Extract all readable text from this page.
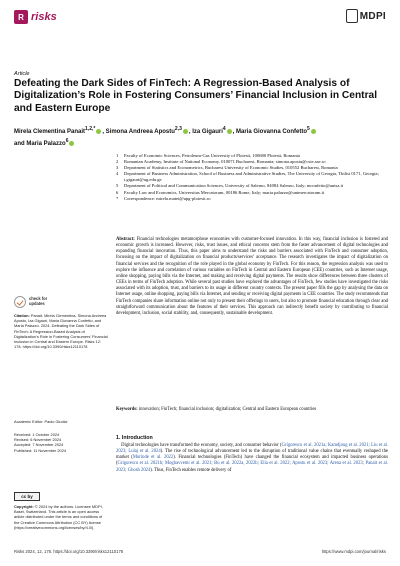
R risks	MDPI
Article
Defeating the Dark Sides of FinTech: A Regression-Based Analysis of Digitalization’s Role in Fostering Consumers’ Financial Inclusion in Central and Eastern Europe
Mirela Clementina Panait$^{1,2,*}$ , Simona Andreea Apostu$^{2,3}$ , Iza Gigauri$^4$ , Maria Giovanna Confetto$^5$
and Maria Palazzo$^6$
1	Faculty of Economic Sciences, Petroleum-Gas University of Ploiesti, 100680 Ploiesti, Romania
2	Romanian Academy, Institute of National Economy, 010071 Bucharest, Romania; simona.apostu@csie.ase.ro
3	Department of Statistics and Econometrics, Bucharest University of Economic Studies, 010552 Bucharest, Romania
4	Department of Business Administration, School of Business and Administrative Studies, The University of Georgia, Tbilisi 0171, Georgia; i.gigauri@ug.edu.ge
5	Department of Political and Communication Sciences, University of Salerno, 84084 Salerno, Italy; mconfetto@unisa.it
6	Faculty Law and Economics, Universitas Mercatorum, 00186 Rome, Italy; maria.palazzo@unimercatorum.it
*	Correspondence: mirela.matei@upg-ploiesti.ro
Abstract: Financial technologies metamorphose economies with customer-focused innovation. In this way, financial inclusion is fostered and economic growth is increased. However, risks, trust issues, and ethical concerns stem from the faster advancement of digital technologies and expanding financial innovation. Thus, this paper aims to understand the risks and barriers associated with FinTech and consumer adoption, focussing on the impact of digitalization on financial products/services’ acceptance. The research investigates the impact of digitalization on financial services and the recognition of the role played in the global economy by FinTech. For this reason, the regression analysis was used to explore the influence and correlation of various variables on FinTech in Central and Eastern European (CEE) countries, such as Internet usage, online shopping, paying bills via the Internet, and making and receiving digital payments. The results show differences between three clusters of CEEs in terms of FinTech adoption. While several past studies have explored the advantages of FinTech, few studies have investigated the risks associated with its adoption, trust, and barriers to its usage in different country contexts. The present paper fills the gap by analysing the data on Internet usage, online shopping, paying bills via Internet, and sending or receiving digital payments in CEE countries. The study recommends that FinTech companies share information online not only to present their offerings to users, but also to promote financial education through clear and straightforward communication about the features of their services. This approach can indirectly benefit society by contributing to financial development, inclusion, social stability, and, consequently, sustainable development.
Keywords: innovation; FinTech; financial inclusion; digitalization; Central and Eastern European countries
1. Introduction
Digital technologies have transformed the economy, society, and consumer behavior (Grigorescu et al. 2021a; Kamdjoug et al. 2021; Liu et al. 2023; Lulaj et al. 2024). The rise of technological advancement led to the disruption of traditional value chains that eventually reshaped the market (Murinde et al. 2022). Financial technologies (FinTech) have changed the financial ecosystem and impacted business operations (Grigorescu et al. 2021b; Moghavvemi et al. 2021; Bu et al. 2022a, 2022b; Elia et al. 2022; Apostu et al. 2023; Arena et al. 2023; Panait et al. 2023; Ghosh 2024). Thus, FinTech enables remote delivery of
check for
updates
Citation: Panait, Mirela Clementina, Simona Andreea Apostu, Iza Gigauri, Maria Giovanna Confetto, and Maria Palazzo. 2024. Defeating the Dark Sides of FinTech: A Regression-Based Analysis of Digitalization’s Role in Fostering Consumers’ Financial Inclusion in Central and Eastern Europe. Risks 12: 178. https://doi.org/10.3390/risks12110178
Academic Editor: Paolo Giudici
Received: 1 October 2024
Revised: 6 November 2024
Accepted: 7 November 2024
Published: 11 November 2024
cc by
Copyright: © 2024 by the authors. Licensee MDPI, Basel, Switzerland. This article is an open access article distributed under the terms and conditions of the Creative Commons Attribution (CC BY) license (https://creativecommons.org/licenses/by/4.0/).
Risks 2024, 12, 178. https://doi.org/10.3390/risks12110178	https://www.mdpi.com/journal/risks
